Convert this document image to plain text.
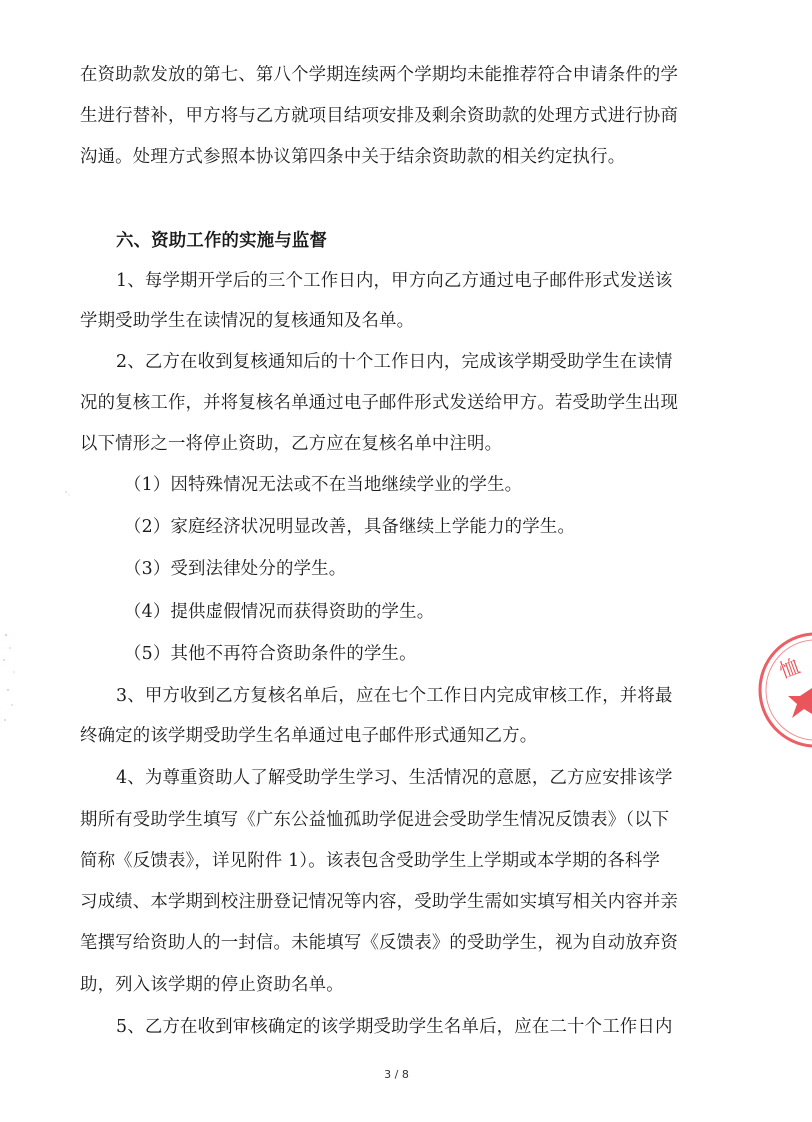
在资助款发放的第七、第八个学期连续两个学期均未能推荐符合申请条件的学
生进行替补，甲方将与乙方就项目结项安排及剩余资助款的处理方式进行协商
沟通。处理方式参照本协议第四条中关于结余资助款的相关约定执行。
六、资助工作的实施与监督
1、每学期开学后的三个工作日内，甲方向乙方通过电子邮件形式发送该
学期受助学生在读情况的复核通知及名单。
2、乙方在收到复核通知后的十个工作日内，完成该学期受助学生在读情
况的复核工作，并将复核名单通过电子邮件形式发送给甲方。若受助学生出现
以下情形之一将停止资助，乙方应在复核名单中注明。
（1）因特殊情况无法或不在当地继续学业的学生。
（2）家庭经济状况明显改善，具备继续上学能力的学生。
（3）受到法律处分的学生。
（4）提供虚假情况而获得资助的学生。
（5）其他不再符合资助条件的学生。
3、甲方收到乙方复核名单后，应在七个工作日内完成审核工作，并将最
终确定的该学期受助学生名单通过电子邮件形式通知乙方。
4、为尊重资助人了解受助学生学习、生活情况的意愿，乙方应安排该学
期所有受助学生填写《广东公益恤孤助学促进会受助学生情况反馈表》（以下
简称《反馈表》，详见附件 1）。该表包含受助学生上学期或本学期的各科学
习成绩、本学期到校注册登记情况等内容，受助学生需如实填写相关内容并亲
笔撰写给资助人的一封信。未能填写《反馈表》的受助学生，视为自动放弃资
助，列入该学期的停止资助名单。
5、乙方在收到审核确定的该学期受助学生名单后，应在二十个工作日内
3 / 8
恤
